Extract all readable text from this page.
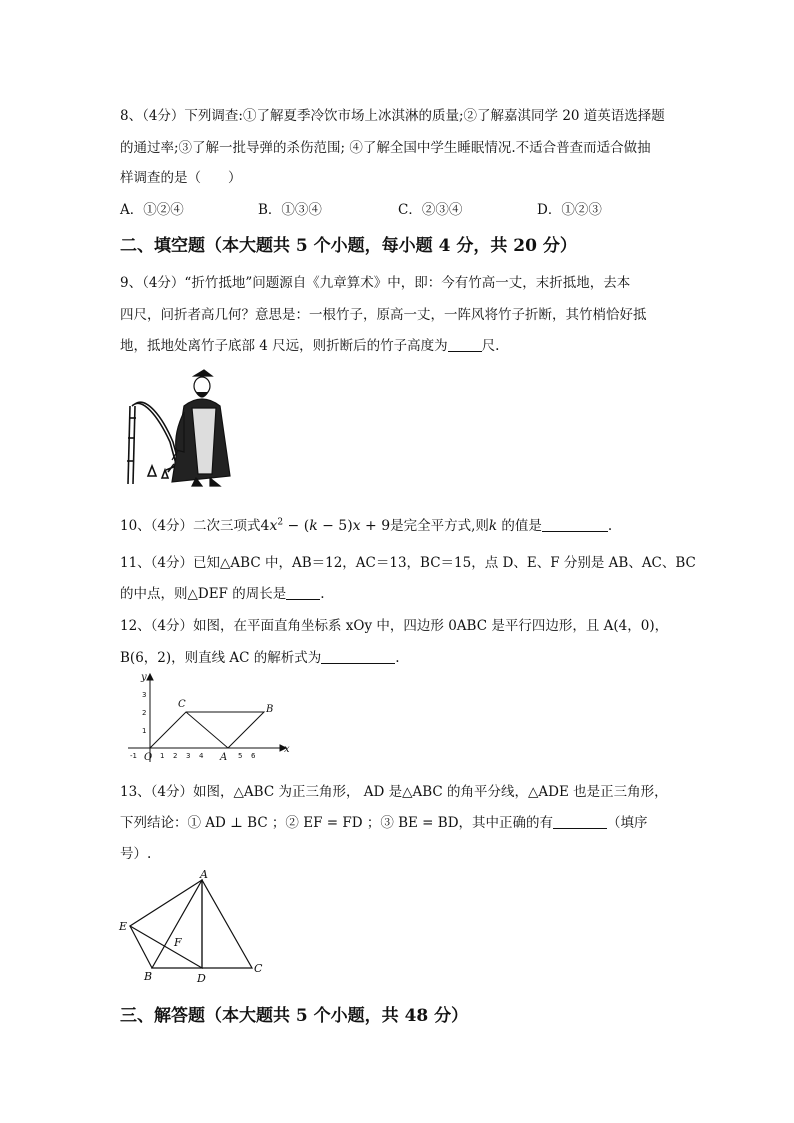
8、（4分）下列调查:①了解夏季冷饮市场上冰淇淋的质量;②了解嘉淇同学 20 道英语选择题
的通过率;③了解一批导弹的杀伤范围; ④了解全国中学生睡眠情况.不适合普查而适合做抽
样调查的是（　　）
A．①②④	B．①③④	C．②③④	D．①②③
二、填空题（本大题共 5 个小题，每小题 4 分，共 20 分）
9、（4分）“折竹抵地”问题源自《九章算术》中，即：今有竹高一丈，末折抵地，去本
四尺，问折者高几何？意思是：一根竹子，原高一丈，一阵风将竹子折断，其竹梢恰好抵
地，抵地处离竹子底部 4 尺远，则折断后的竹子高度为	尺.
10、（4分）二次三项式$4x^2 - (k - 5)x + 9$是完全平方式,则k 的值是	.
11、（4分）已知△ABC 中，AB＝12，AC＝13，BC＝15，点 D、E、F 分别是 AB、AC、BC
的中点，则△DEF 的周长是	.
12、（4分）如图，在平面直角坐标系 xOy 中，四边形 0ABC 是平行四边形，且 A(4，0)，
B(6，2)，则直线 AC 的解析式为	.
-1	1 2 3 4	5 6
1
2
3
x
y
O	A
B
C
13、（4分）如图，△ABC 为正三角形， AD 是△ABC 的角平分线，△ADE 也是正三角形，
下列结论：① AD ⊥ BC ；② EF = FD ；③ BE = BD，其中正确的有	（填序
号）.
A
B
C
D
E
F
三、解答题（本大题共 5 个小题，共 48 分）
